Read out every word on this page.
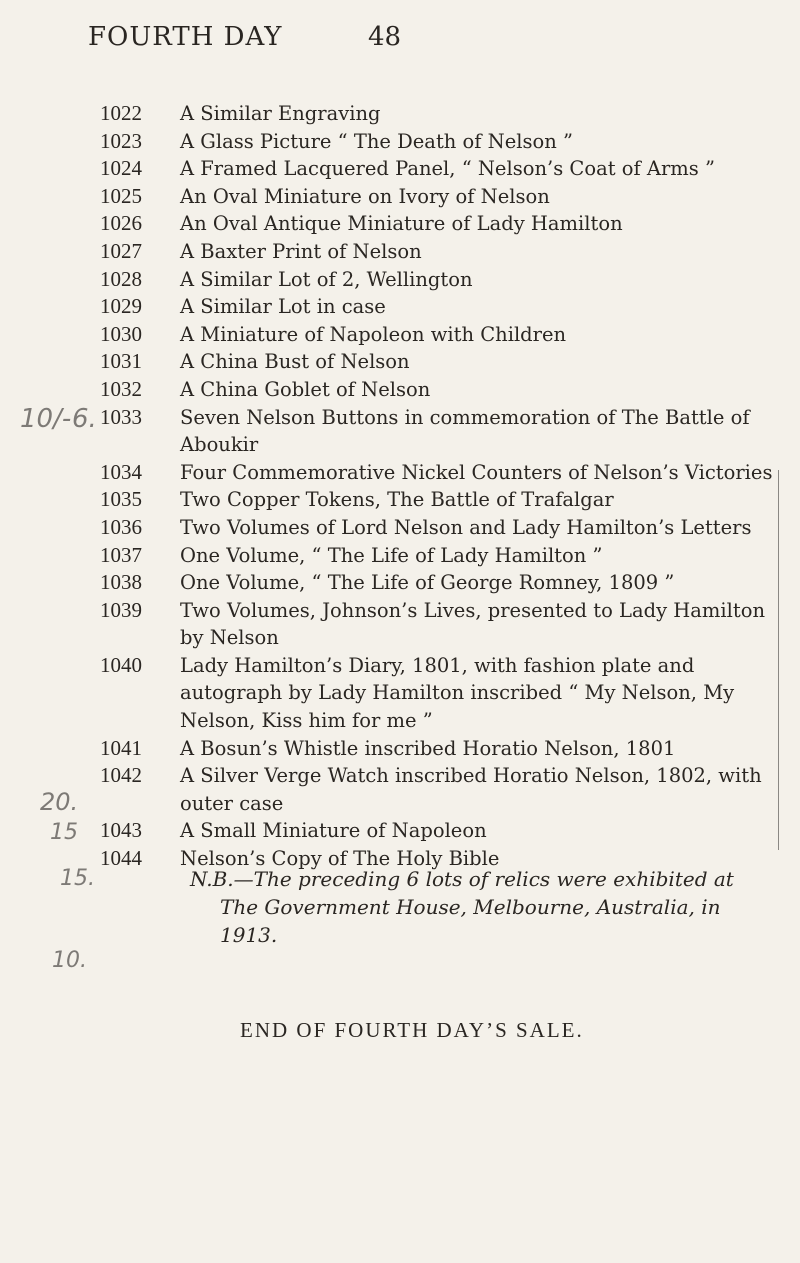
FOURTH DAY	48
1022	A Similar Engraving
1023	A Glass Picture “ The Death of Nelson ”
1024	A Framed Lacquered Panel, “ Nelson’s Coat of Arms ”
1025	An Oval Miniature on Ivory of Nelson
1026	An Oval Antique Miniature of Lady Hamilton
1027	A Baxter Print of Nelson
1028	A Similar Lot of 2, Wellington
1029	A Similar Lot in case
1030	A Miniature of Napoleon with Children
1031	A China Bust of Nelson
1032	A China Goblet of Nelson
1033	Seven Nelson Buttons in commemoration of The Battle of Aboukir
1034	Four Commemorative Nickel Counters of Nelson’s Victories
1035	Two Copper Tokens, The Battle of Trafalgar
1036	Two Volumes of Lord Nelson and Lady Hamilton’s Letters
1037	One Volume, “ The Life of Lady Hamilton ”
1038	One Volume, “ The Life of George Romney, 1809 ”
1039	Two Volumes, Johnson’s Lives, presented to Lady Hamilton by Nelson
1040	Lady Hamilton’s Diary, 1801, with fashion plate and autograph by Lady Hamilton inscribed “ My Nelson, My Nelson, Kiss him for me ”
1041	A Bosun’s Whistle inscribed Horatio Nelson, 1801
1042	A Silver Verge Watch inscribed Horatio Nelson, 1802, with outer case
1043	A Small Miniature of Napoleon
1044	Nelson’s Copy of The Holy Bible
N.B.—The preceding 6 lots of relics were exhibited at The Government House, Melbourne, Australia, in 1913.
END OF FOURTH DAY’S SALE.
10/- 6.
20.
15
15.
10.
